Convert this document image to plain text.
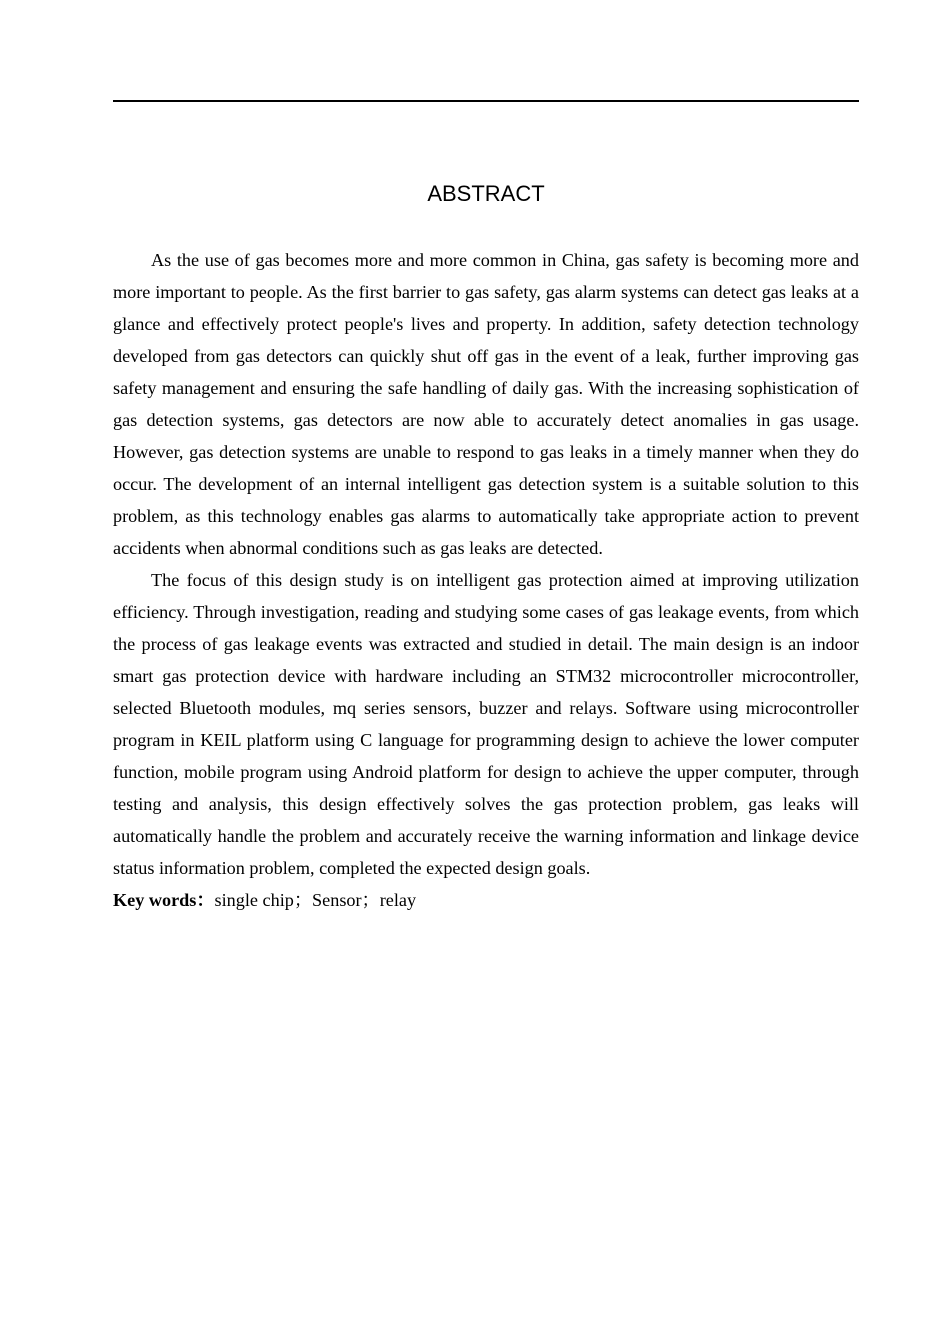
ABSTRACT

As the use of gas becomes more and more common in China, gas safety is becoming more and more important to people. As the first barrier to gas safety, gas alarm systems can detect gas leaks at a glance and effectively protect people's lives and property. In addition, safety detection technology developed from gas detectors can quickly shut off gas in the event of a leak, further improving gas safety management and ensuring the safe handling of daily gas. With the increasing sophistication of gas detection systems, gas detectors are now able to accurately detect anomalies in gas usage. However, gas detection systems are unable to respond to gas leaks in a timely manner when they do occur. The development of an internal intelligent gas detection system is a suitable solution to this problem, as this technology enables gas alarms to automatically take appropriate action to prevent accidents when abnormal conditions such as gas leaks are detected.

The focus of this design study is on intelligent gas protection aimed at improving utilization efficiency. Through investigation, reading and studying some cases of gas leakage events, from which the process of gas leakage events was extracted and studied in detail. The main design is an indoor smart gas protection device with hardware including an STM32 microcontroller microcontroller, selected Bluetooth modules, mq series sensors, buzzer and relays. Software using microcontroller program in KEIL platform using C language for programming design to achieve the lower computer function, mobile program using Android platform for design to achieve the upper computer, through testing and analysis, this design effectively solves the gas protection problem, gas leaks will automatically handle the problem and accurately receive the warning information and linkage device status information problem, completed the expected design goals.

Key words：single chip；Sensor；relay
